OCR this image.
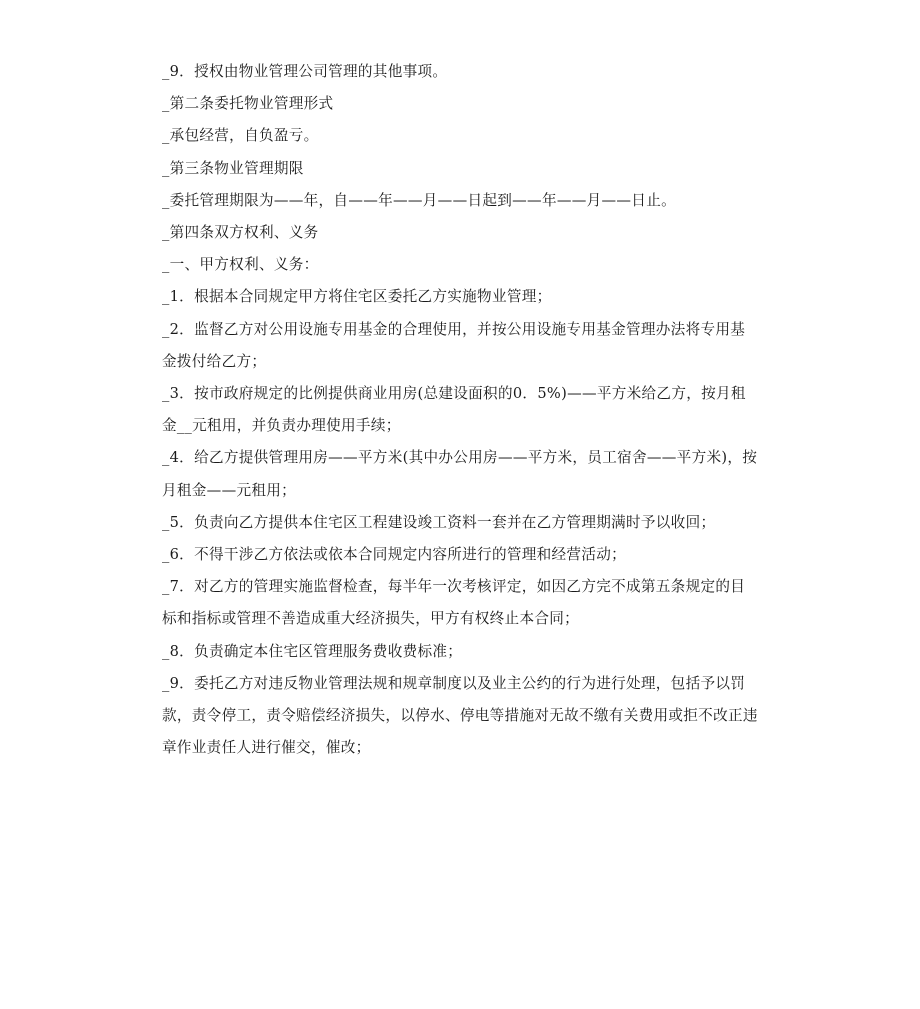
_9．授权由物业管理公司管理的其他事项。

_第二条委托物业管理形式

_承包经营，自负盈亏。

_第三条物业管理期限

_委托管理期限为——年，自——年——月——日起到——年——月——日止。

_第四条双方权利、义务

_一、甲方权利、义务：

_1．根据本合同规定甲方将住宅区委托乙方实施物业管理；

_2．监督乙方对公用设施专用基金的合理使用，并按公用设施专用基金管理办法将专用基金拨付给乙方；

_3．按市政府规定的比例提供商业用房(总建设面积的0．5%)——平方米给乙方，按月租金__元租用，并负责办理使用手续；

_4．给乙方提供管理用房——平方米(其中办公用房——平方米，员工宿舍——平方米)，按月租金——元租用；

_5．负责向乙方提供本住宅区工程建设竣工资料一套并在乙方管理期满时予以收回；

_6．不得干涉乙方依法或依本合同规定内容所进行的管理和经营活动；

_7．对乙方的管理实施监督检查，每半年一次考核评定，如因乙方完不成第五条规定的目标和指标或管理不善造成重大经济损失，甲方有权终止本合同；

_8．负责确定本住宅区管理服务费收费标准；

_9．委托乙方对违反物业管理法规和规章制度以及业主公约的行为进行处理，包括予以罚款，责令停工，责令赔偿经济损失，以停水、停电等措施对无故不缴有关费用或拒不改正违章作业责任人进行催交，催改；
